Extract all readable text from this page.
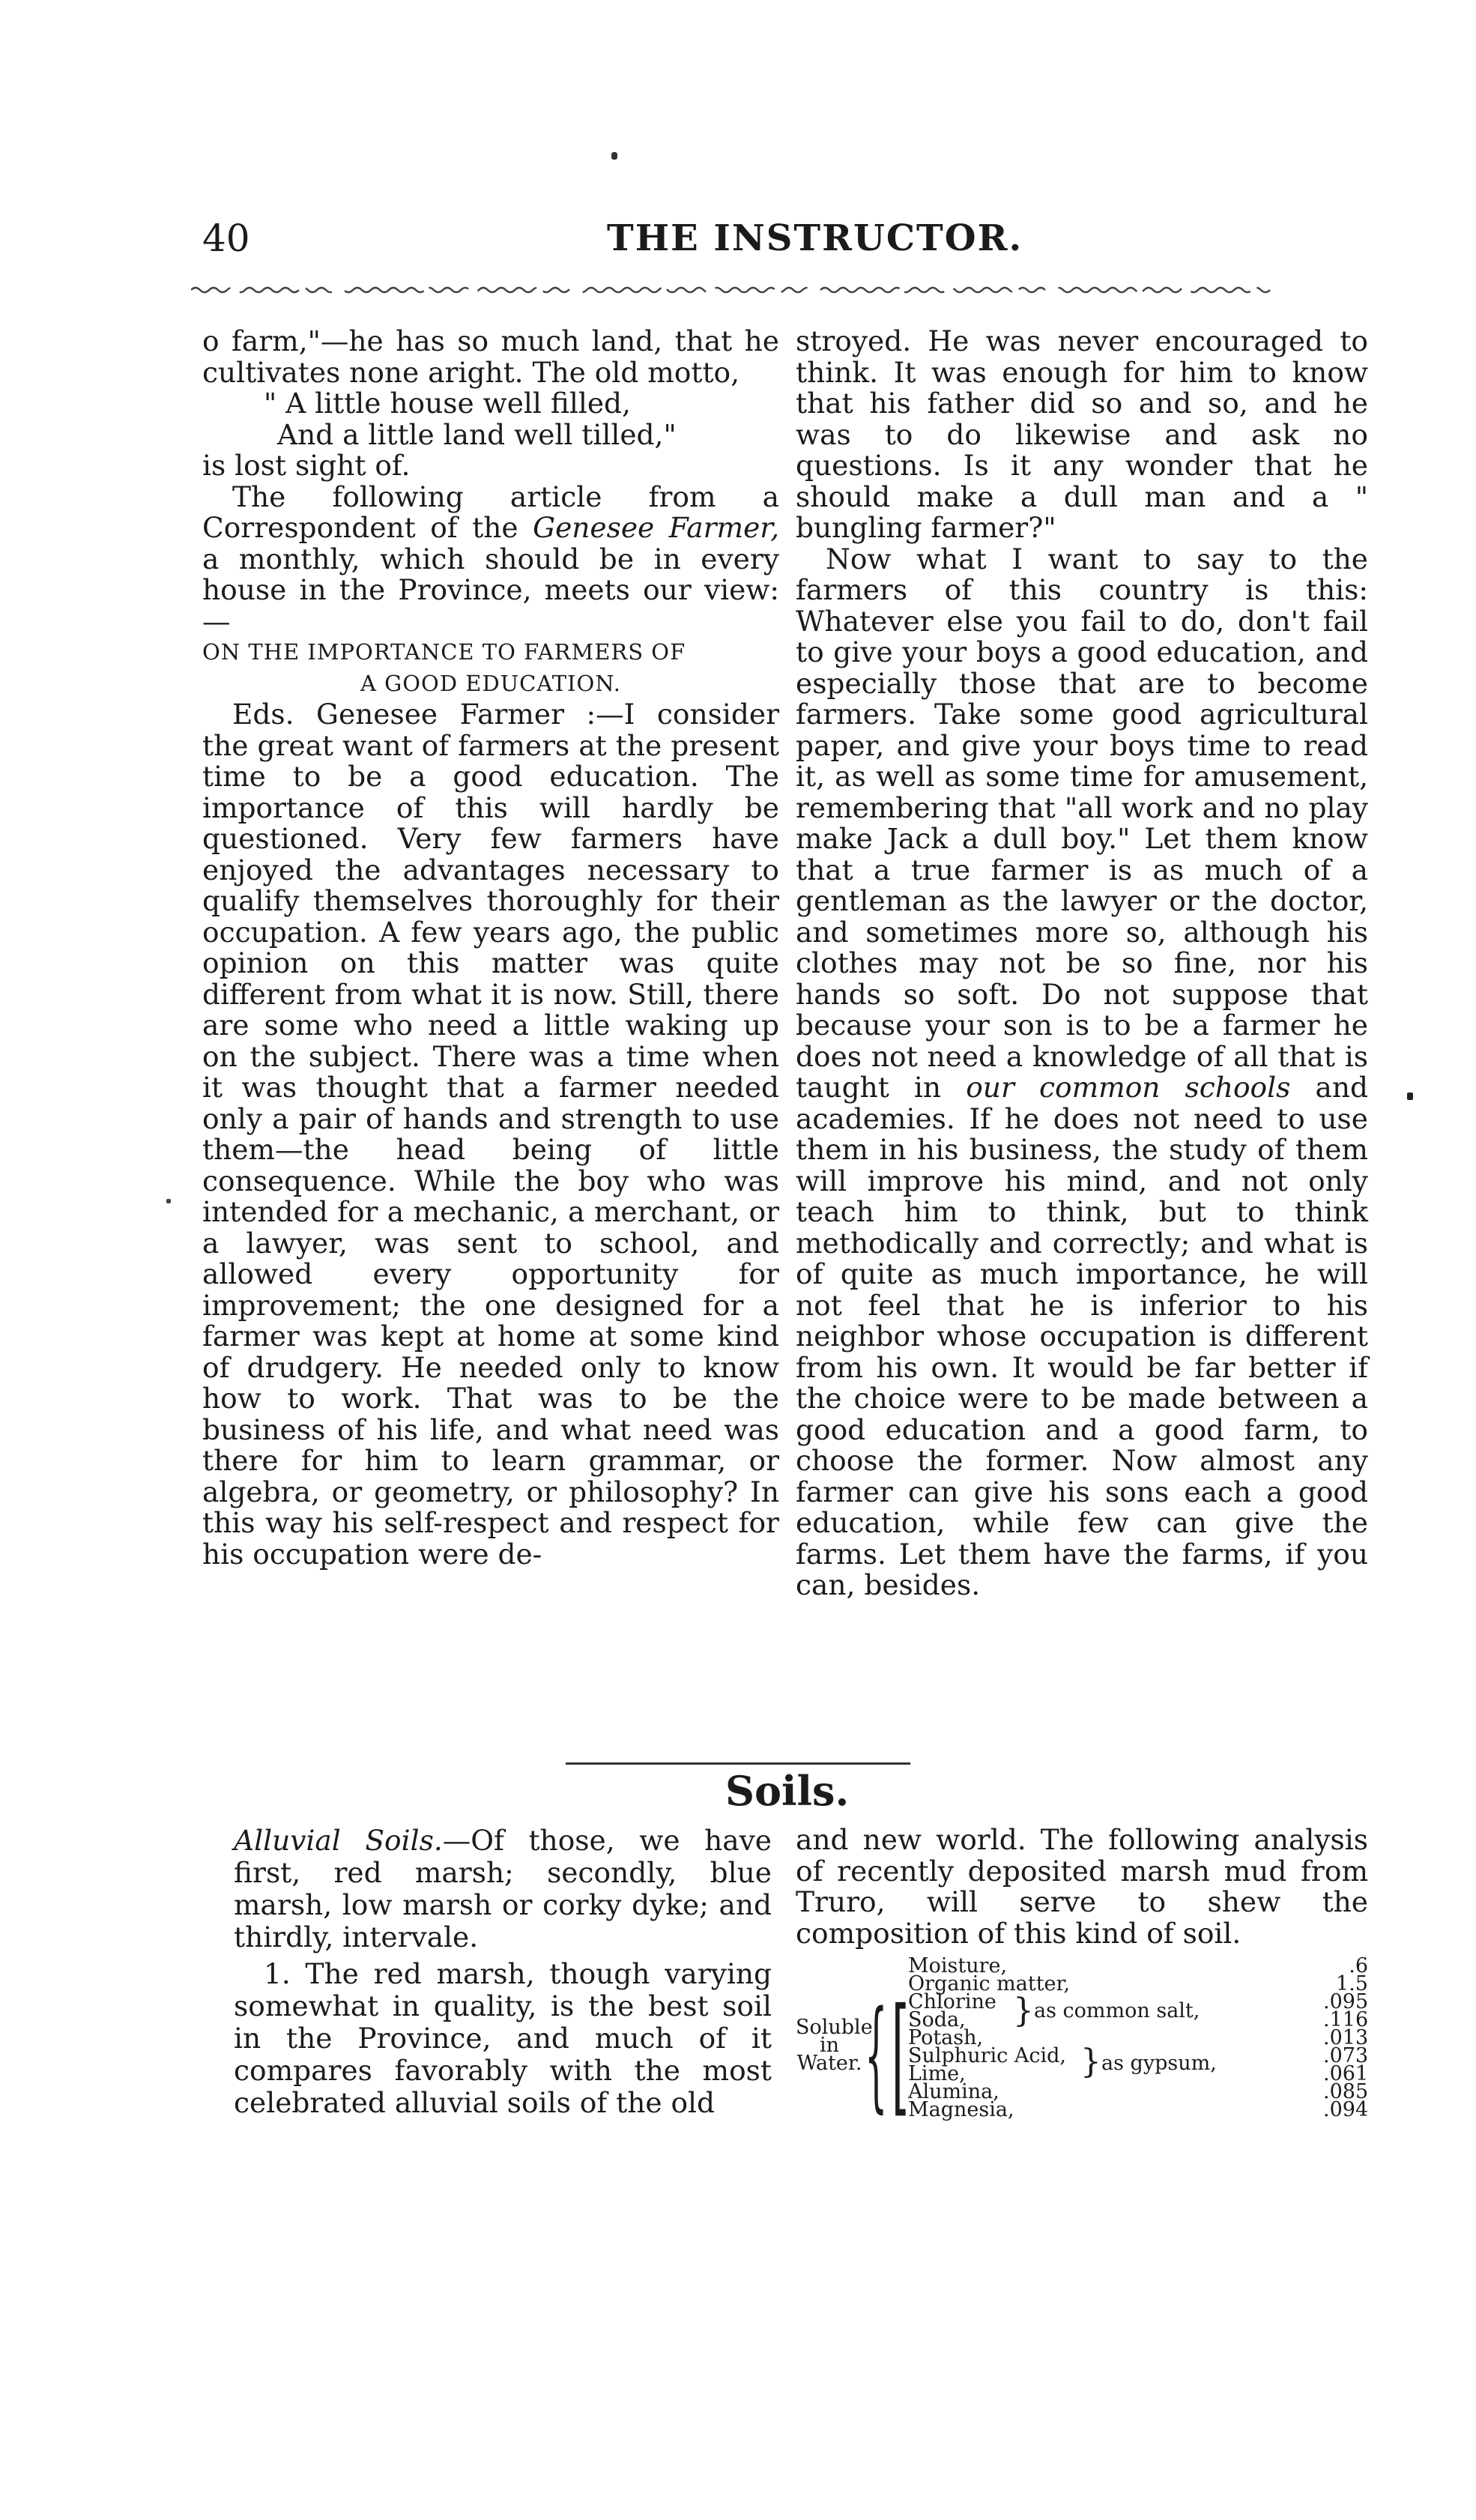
40	THE INSTRUCTOR.

o farm,"—he has so much land, that he cultivates none aright. The old motto,

" A little house well filled,

And a little land well tilled,"

is lost sight of.

The following article from a Correspondent of the Genesee Farmer, a monthly, which should be in every house in the Province, meets our view:—

ON THE IMPORTANCE TO FARMERS OF
A GOOD EDUCATION.

Eds. Genesee Farmer :—I consider the great want of farmers at the present time to be a good education. The importance of this will hardly be questioned. Very few farmers have enjoyed the advantages necessary to qualify themselves thoroughly for their occupation. A few years ago, the public opinion on this matter was quite different from what it is now. Still, there are some who need a little waking up on the subject. There was a time when it was thought that a farmer needed only a pair of hands and strength to use them—the head being of little consequence. While the boy who was intended for a mechanic, a merchant, or a lawyer, was sent to school, and allowed every opportunity for improvement; the one designed for a farmer was kept at home at some kind of drudgery. He needed only to know how to work. That was to be the business of his life, and what need was there for him to learn grammar, or algebra, or geometry, or philosophy? In this way his self-respect and respect for his occupation were de-

stroyed. He was never encouraged to think. It was enough for him to know that his father did so and so, and he was to do likewise and ask no questions. Is it any wonder that he should make a dull man and a " bungling farmer?"

Now what I want to say to the farmers of this country is this: Whatever else you fail to do, don't fail to give your boys a good education, and especially those that are to become farmers. Take some good agricultural paper, and give your boys time to read it, as well as some time for amusement, remembering that "all work and no play make Jack a dull boy." Let them know that a true farmer is as much of a gentleman as the lawyer or the doctor, and sometimes more so, although his clothes may not be so fine, nor his hands so soft. Do not suppose that because your son is to be a farmer he does not need a knowledge of all that is taught in our common schools and academies. If he does not need to use them in his business, the study of them will improve his mind, and not only teach him to think, but to think methodically and correctly; and what is of quite as much importance, he will not feel that he is inferior to his neighbor whose occupation is different from his own. It would be far better if the choice were to be made between a good education and a good farm, to choose the former. Now almost any farmer can give his sons each a good education, while few can give the farms. Let them have the farms, if you can, besides.

Soils.

Alluvial Soils.—Of those, we have first, red marsh; secondly, blue marsh, low marsh or corky dyke; and thirdly, intervale.

1. The red marsh, though varying somewhat in quality, is the best soil in the Province, and much of it compares favorably with the most celebrated alluvial soils of the old

and new world. The following analysis of recently deposited marsh mud from Truro, will serve to shew the composition of this kind of soil.

Moisture,	.6
Organic matter,	1.5
[
Chlorine	.095
Soda,	.116
} as common salt,
Potash,	.013
Sulphuric Acid,	.073
Lime,	.061
} as gypsum,
Alumina,	.085
Magnesia,	.094
Soluble
in
Water. {
